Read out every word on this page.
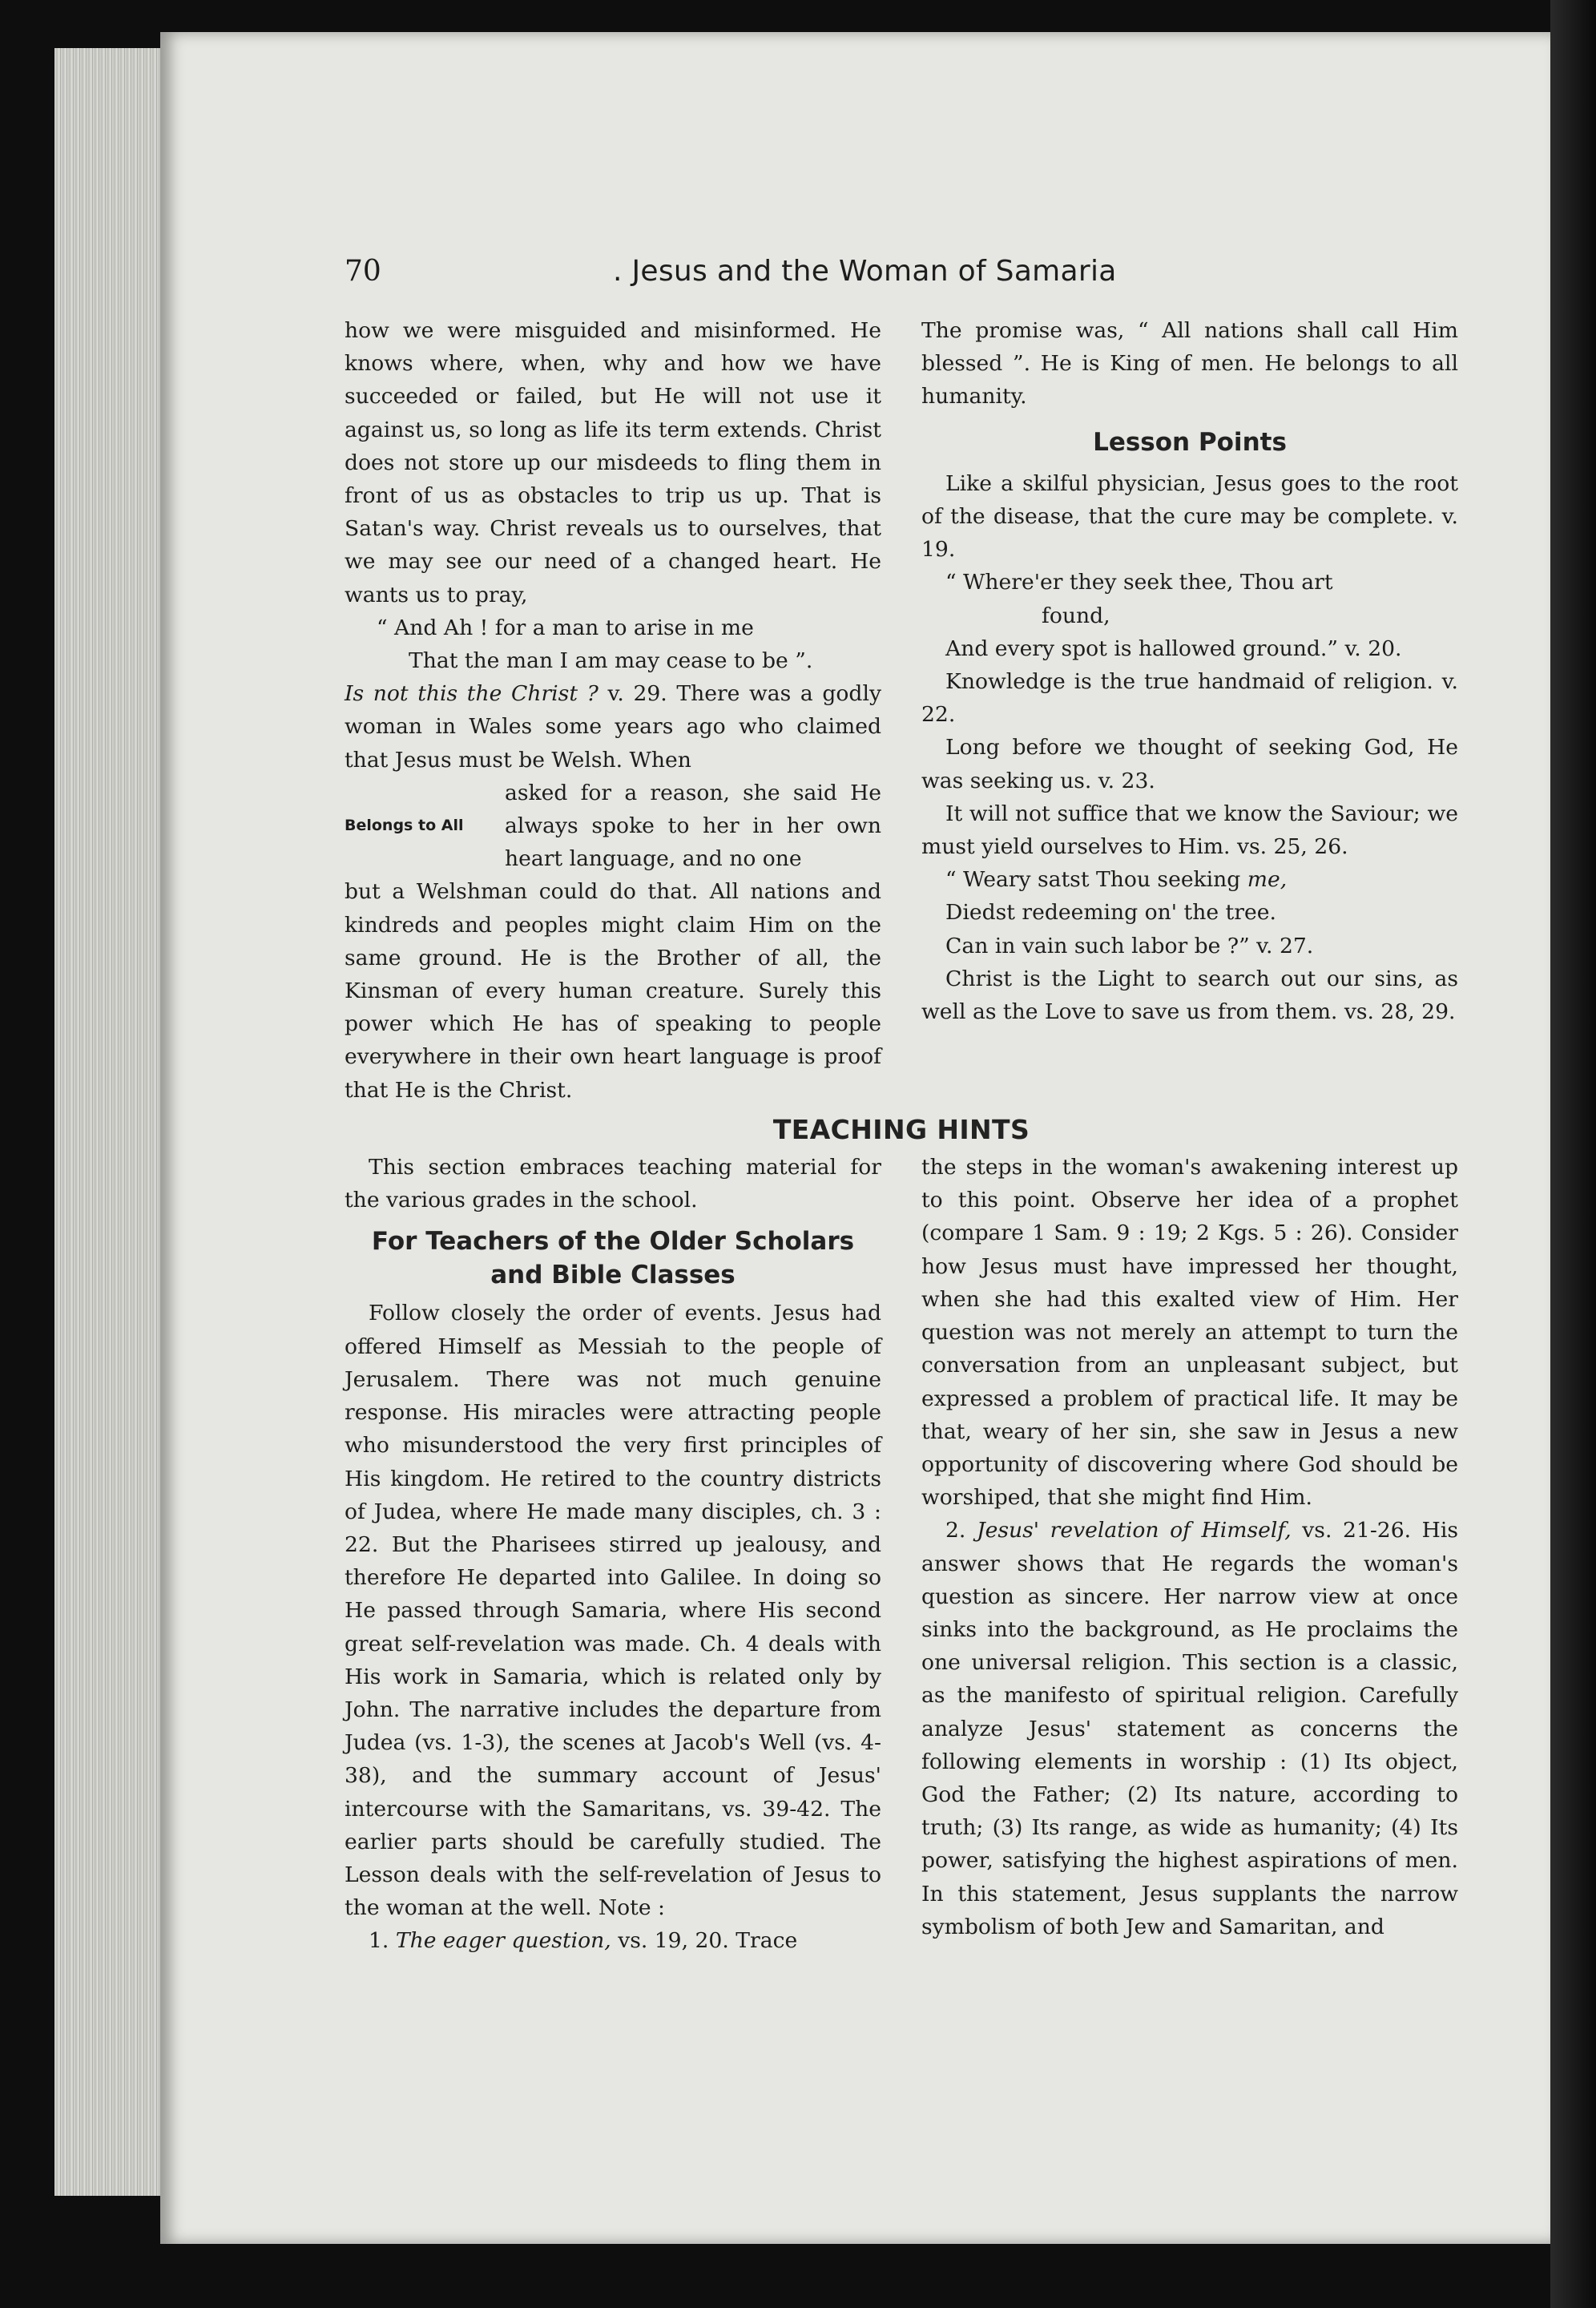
70	. Jesus and the Woman of Samaria

how we were misguided and misinformed. He knows where, when, why and how we have succeeded or failed, but He will not use it against us, so long as life its term extends. Christ does not store up our misdeeds to fling them in front of us as obstacles to trip us up. That is Satan's way. Christ reveals us to ourselves, that we may see our need of a changed heart. He wants us to pray,

“ And Ah ! for a man to arise in me
That the man I am may cease to be ”.

Is not this the Christ ? v. 29. There was a godly woman in Wales some years ago who claimed that Jesus must be Welsh. When

Belongs to All
asked for a reason, she said He always spoke to her in her own heart language, and no one

but a Welshman could do that. All nations and kindreds and peoples might claim Him on the same ground. He is the Brother of all, the Kinsman of every human creature. Surely this power which He has of speaking to people everywhere in their own heart language is proof that He is the Christ.

The promise was, “ All nations shall call Him blessed ”. He is King of men. He belongs to all humanity.

Lesson Points

Like a skilful physician, Jesus goes to the root of the disease, that the cure may be complete. v. 19.

“ Where'er they seek thee, Thou art
found,
And every spot is hallowed ground.” v. 20.

Knowledge is the true handmaid of religion. v. 22.

Long before we thought of seeking God, He was seeking us. v. 23.

It will not suffice that we know the Saviour; we must yield ourselves to Him. vs. 25, 26.

“ Weary satst Thou seeking me,
Diedst redeeming on' the tree.
Can in vain such labor be ?” v. 27.

Christ is the Light to search out our sins, as well as the Love to save us from them. vs. 28, 29.

TEACHING HINTS

This section embraces teaching material for the various grades in the school.

For Teachers of the Older Scholars and Bible Classes

Follow closely the order of events. Jesus had offered Himself as Messiah to the people of Jerusalem. There was not much genuine response. His miracles were attracting people who misunderstood the very first principles of His kingdom. He retired to the country districts of Judea, where He made many disciples, ch. 3 : 22. But the Pharisees stirred up jealousy, and therefore He departed into Galilee. In doing so He passed through Samaria, where His second great self-revelation was made. Ch. 4 deals with His work in Samaria, which is related only by John. The narrative includes the departure from Judea (vs. 1-3), the scenes at Jacob's Well (vs. 4-38), and the summary account of Jesus' intercourse with the Samaritans, vs. 39-42. The earlier parts should be carefully studied. The Lesson deals with the self-revelation of Jesus to the woman at the well. Note :

1. The eager question, vs. 19, 20. Trace

the steps in the woman's awakening interest up to this point. Observe her idea of a prophet (compare 1 Sam. 9 : 19; 2 Kgs. 5 : 26). Consider how Jesus must have impressed her thought, when she had this exalted view of Him. Her question was not merely an attempt to turn the conversation from an unpleasant subject, but expressed a problem of practical life. It may be that, weary of her sin, she saw in Jesus a new opportunity of discovering where God should be worshiped, that she might find Him.

2. Jesus' revelation of Himself, vs. 21-26. His answer shows that He regards the woman's question as sincere. Her narrow view at once sinks into the background, as He proclaims the one universal religion. This section is a classic, as the manifesto of spiritual religion. Carefully analyze Jesus' statement as concerns the following elements in worship : (1) Its object, God the Father; (2) Its nature, according to truth; (3) Its range, as wide as humanity; (4) Its power, satisfying the highest aspirations of men. In this statement, Jesus supplants the narrow symbolism of both Jew and Samaritan, and
